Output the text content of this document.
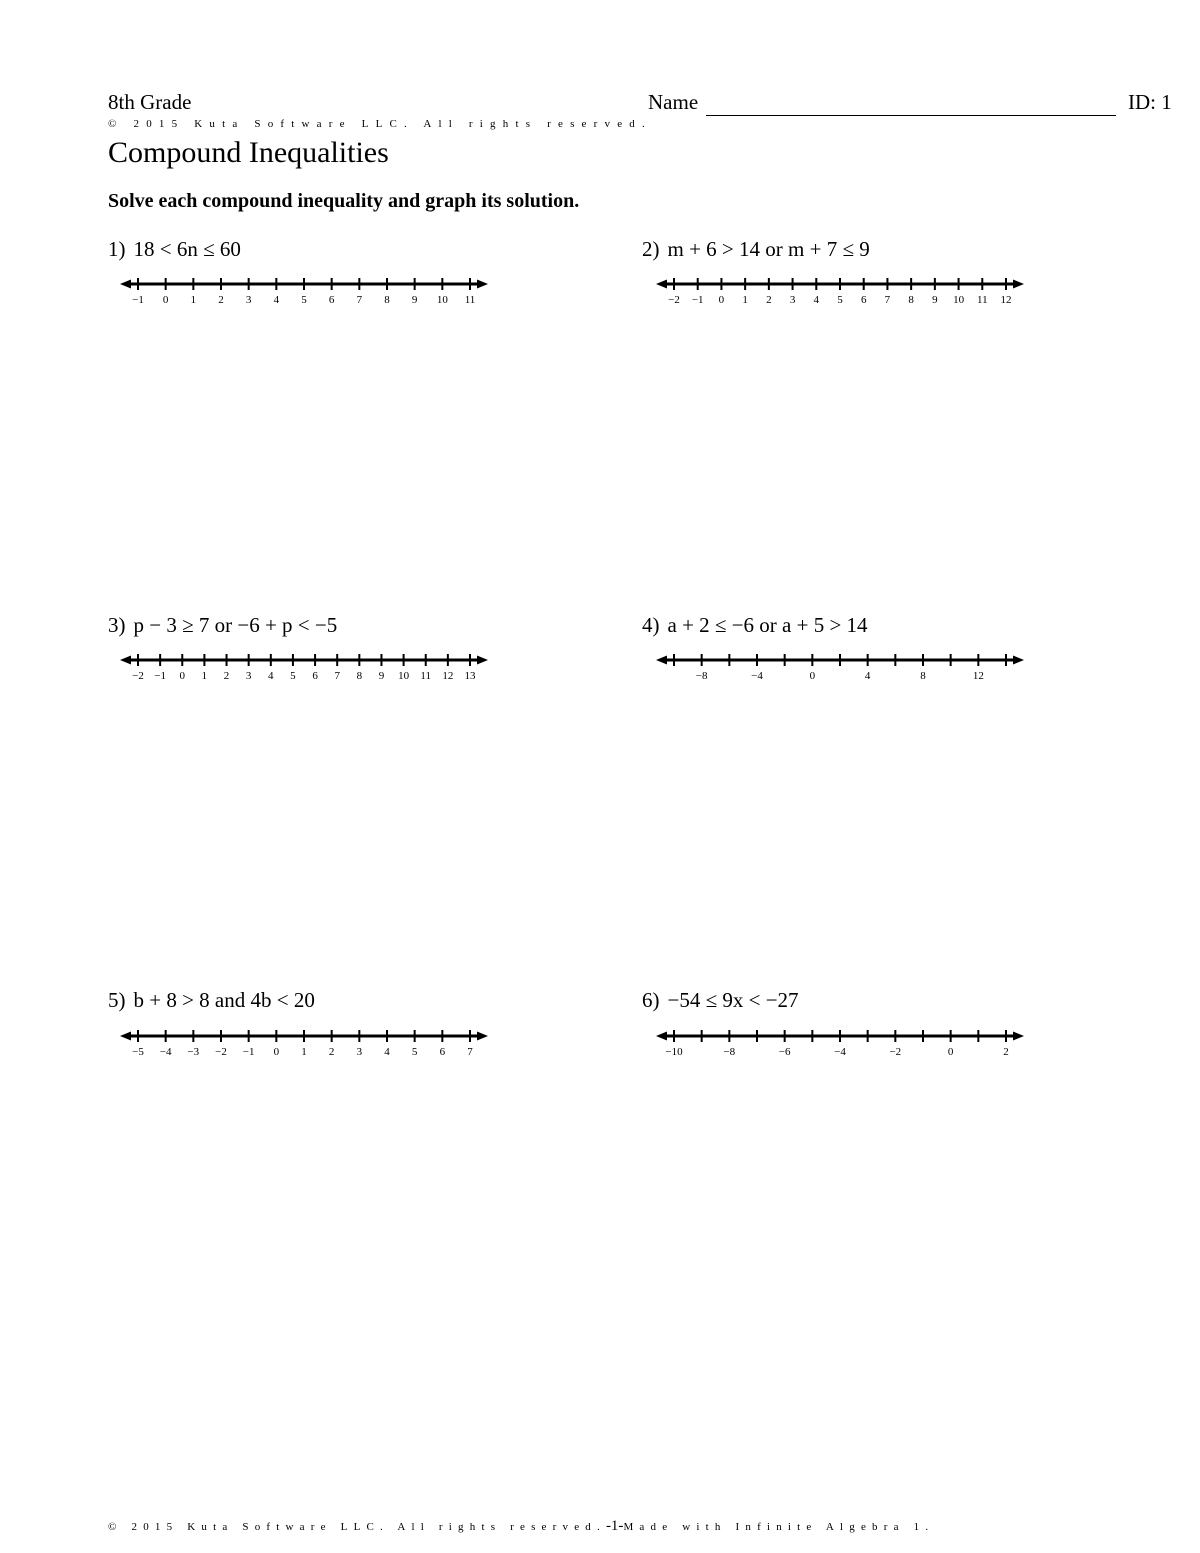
8th Grade	Name	ID: 1
© 2015 Kuta Software LLC. All rights reserved.
Compound Inequalities
Solve each compound inequality and graph its solution.
1) 18 < 6n ≤ 60
−1 0 1 2 3 4 5 6 7 8 9 10 11
2) m + 6 > 14 or m + 7 ≤ 9
−2 −1 0 1 2 3 4 5 6 7 8 9 10 11 12
3) p − 3 ≥ 7 or −6 + p < −5
−2 −1 0 1 2 3 4 5 6 7 8 9 10 11 12 13
4) a + 2 ≤ −6 or a + 5 > 14
−8	−4	0	4	8	12
5) b + 8 > 8 and 4b < 20
−5 −4 −3 −2 −1 0 1 2 3 4 5 6 7
6) −54 ≤ 9x < −27
−10	−8	−6	−4	−2	0	2
© 2015 Kuta Software LLC. All rights reserved.-1-Made with Infinite Algebra 1.
